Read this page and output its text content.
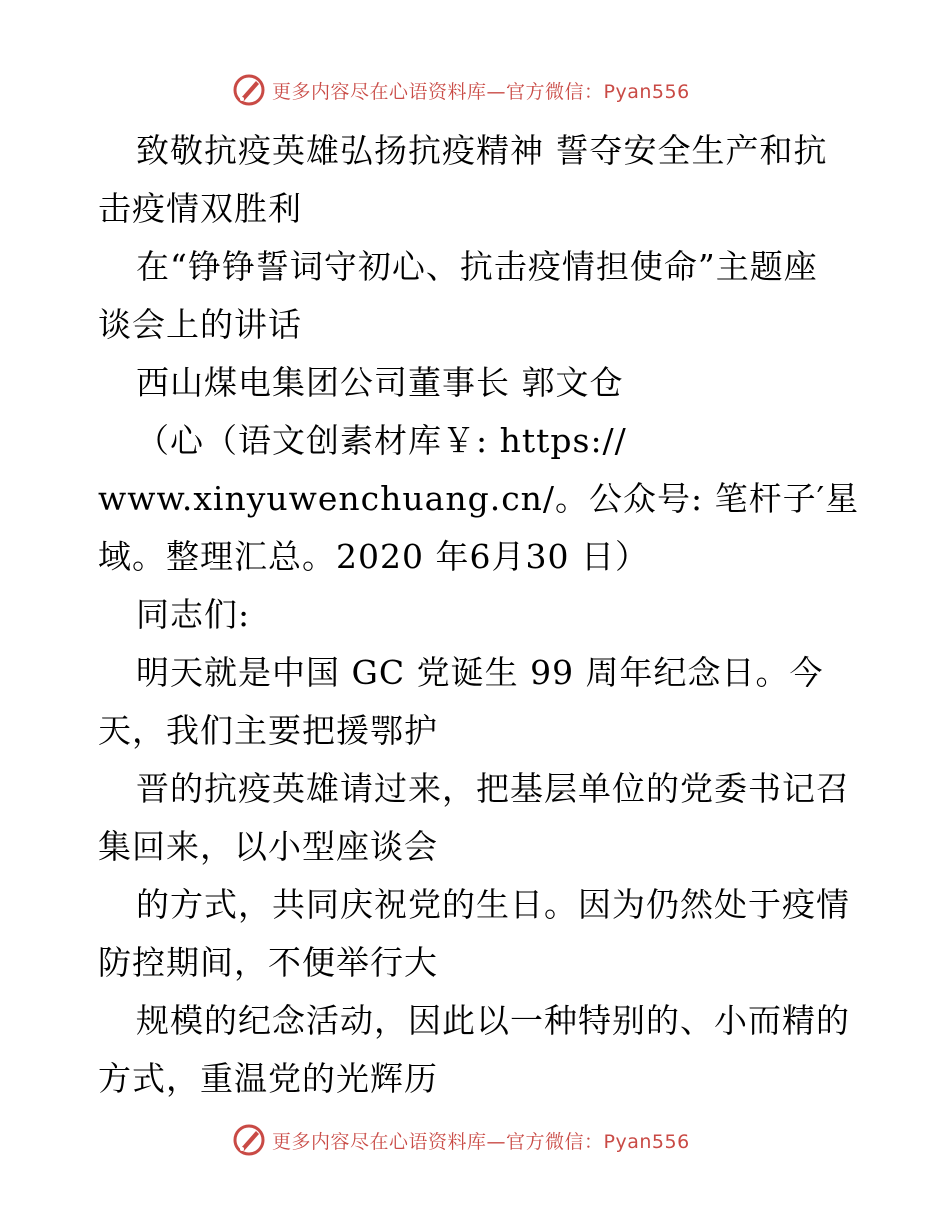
更多内容尽在心语资料库—官方微信：Pyan556
致敬抗疫英雄弘扬抗疫精神 誓夺安全生产和抗
击疫情双胜利
在“铮铮誓词守初心、抗击疫情担使命”主题座
谈会上的讲话
西山煤电集团公司董事长 郭文仓
（心（语文创素材库￥: https://
www.xinyuwenchuang.cn/。公众号: 笔杆子′星
域。整理汇总。2020 年6月30 日）
同志们:
明天就是中国 GC 党诞生 99 周年纪念日。今
天，我们主要把援鄂护
晋的抗疫英雄请过来，把基层单位的党委书记召
集回来，以小型座谈会
的方式，共同庆祝党的生日。因为仍然处于疫情
防控期间，不便举行大
规模的纪念活动，因此以一种特别的、小而精的
方式，重温党的光辉历
更多内容尽在心语资料库—官方微信：Pyan556
